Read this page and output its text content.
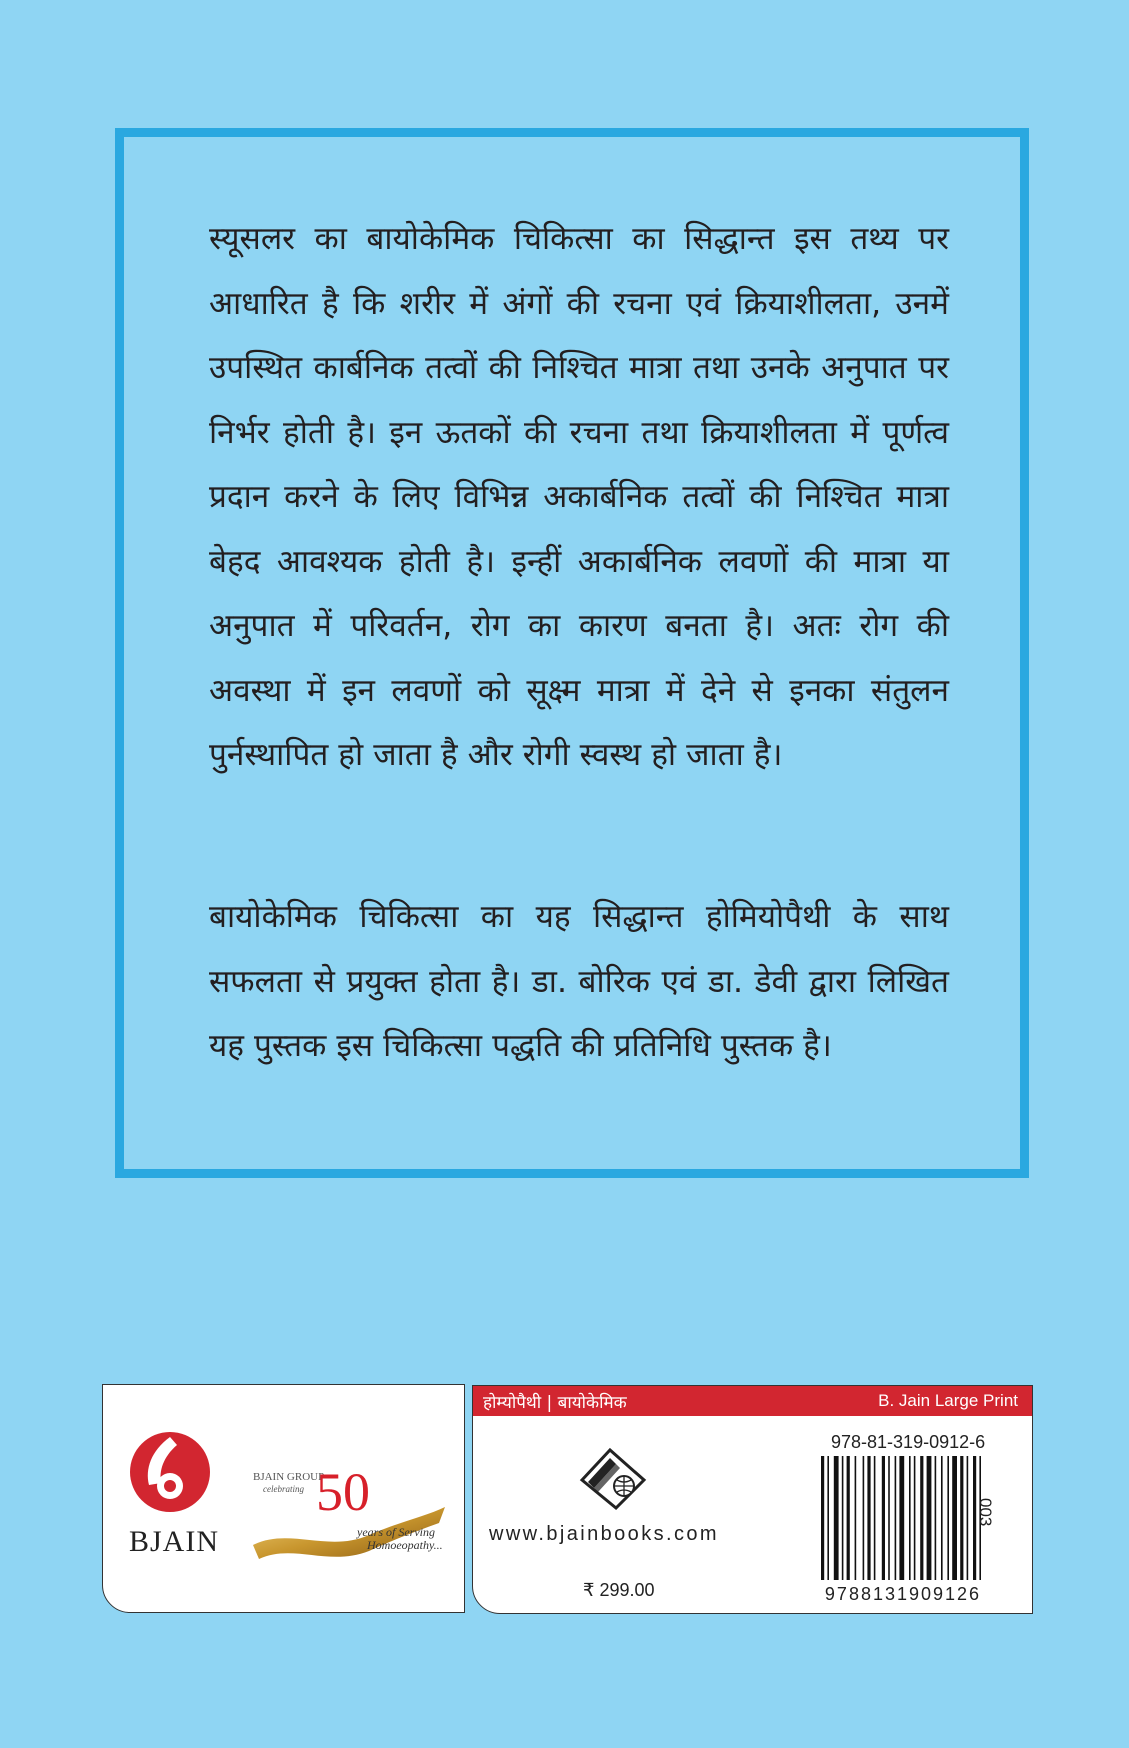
स्यूसलर का बायोकेमिक चिकित्सा का सिद्धान्त इस तथ्य पर आधारित है कि शरीर में अंगों की रचना एवं क्रियाशीलता, उनमें उपस्थित कार्बनिक तत्वों की निश्चित मात्रा तथा उनके अनुपात पर निर्भर होती है। इन ऊतकों की रचना तथा क्रियाशीलता में पूर्णत्व प्रदान करने के लिए विभिन्न अकार्बनिक तत्वों की निश्चित मात्रा बेहद आवश्यक होती है। इन्हीं अकार्बनिक लवणों की मात्रा या अनुपात में परिवर्तन, रोग का कारण बनता है। अतः रोग की अवस्था में इन लवणों को सूक्ष्म मात्रा में देने से इनका संतुलन पुर्नस्थापित हो जाता है और रोगी स्वस्थ हो जाता है।

बायोकेमिक चिकित्सा का यह सिद्धान्त होमियोपैथी के साथ सफलता से प्रयुक्त होता है। डा. बोरिक एवं डा. डेवी द्वारा लिखित यह पुस्तक इस चिकित्सा पद्धति की प्रतिनिधि पुस्तक है।

BJAIN
BJAIN GROUP
celebrating 50
years of Serving
Homoeopathy...
होम्योपैथी | बायोकेमिक	B. Jain Large Print
www.bjainbooks.com
₹ 299.00
978-81-319-0912-6
9788131909126
003
